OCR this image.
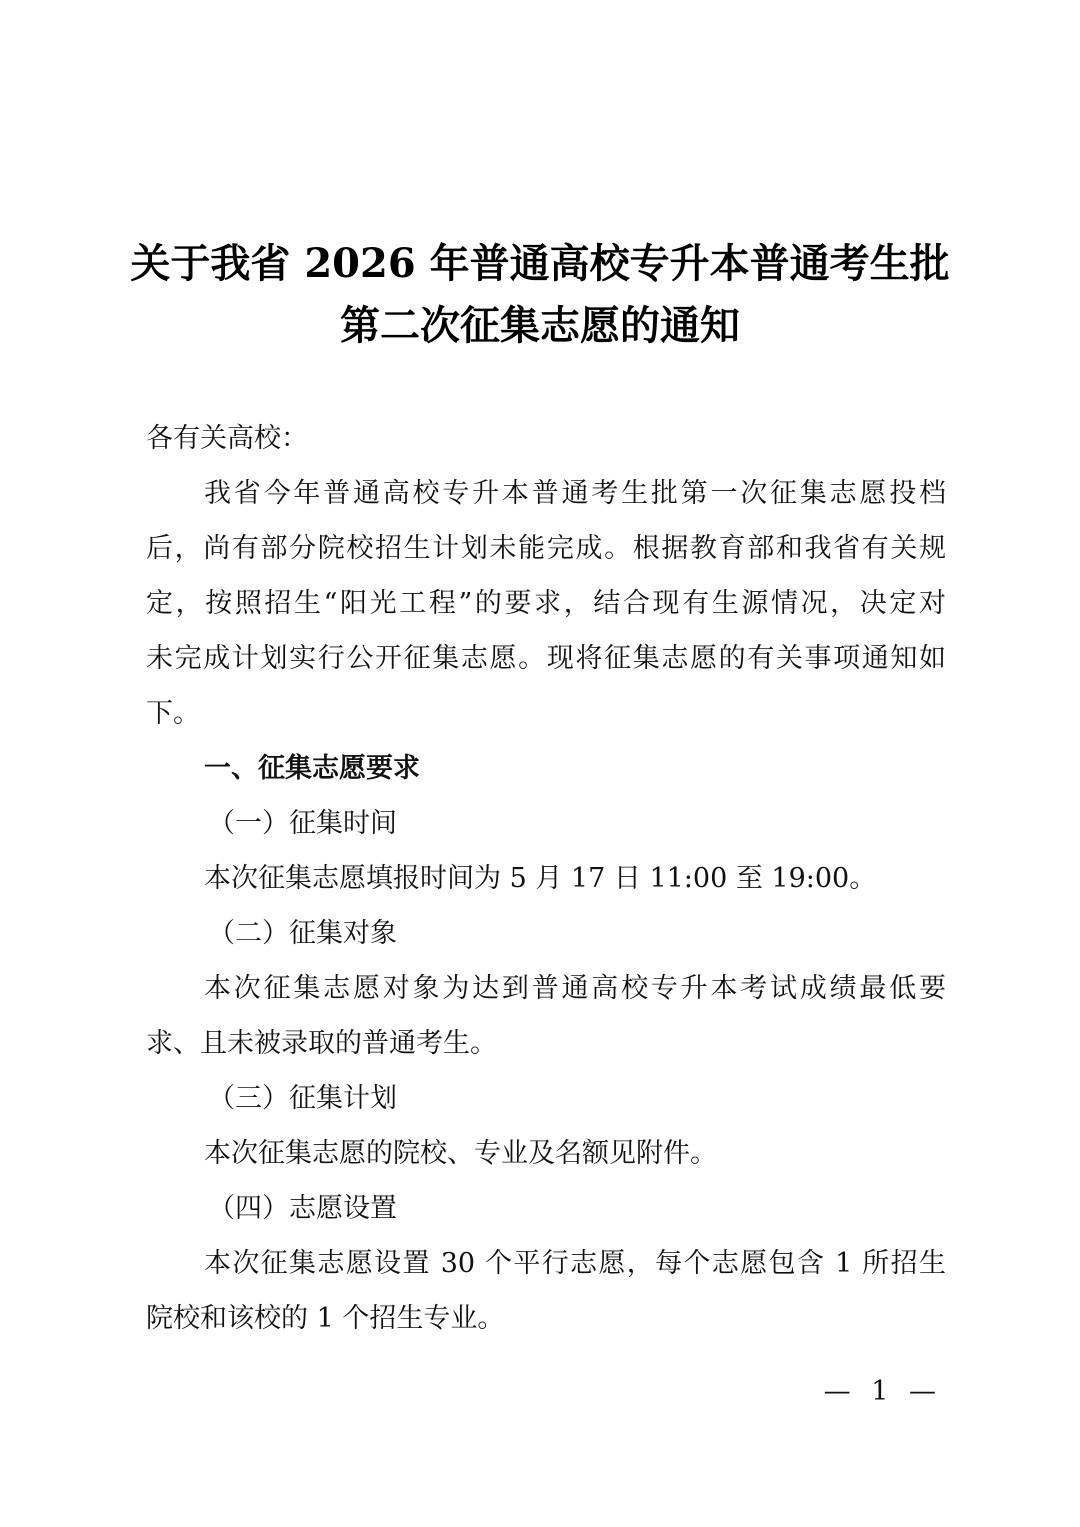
关于我省 2026 年普通高校专升本普通考生批
第二次征集志愿的通知
各有关高校：
我省今年普通高校专升本普通考生批第一次征集志愿投档
后，尚有部分院校招生计划未能完成。根据教育部和我省有关规
定，按照招生“阳光工程”的要求，结合现有生源情况，决定对
未完成计划实行公开征集志愿。现将征集志愿的有关事项通知如
下。
一、征集志愿要求
（一）征集时间
本次征集志愿填报时间为 5 月 17 日 11:00 至 19:00。
（二）征集对象
本次征集志愿对象为达到普通高校专升本考试成绩最低要
求、且未被录取的普通考生。
（三）征集计划
本次征集志愿的院校、专业及名额见附件。
（四）志愿设置
本次征集志愿设置 30 个平行志愿，每个志愿包含 1 所招生
院校和该校的 1 个招生专业。
— 1 —
